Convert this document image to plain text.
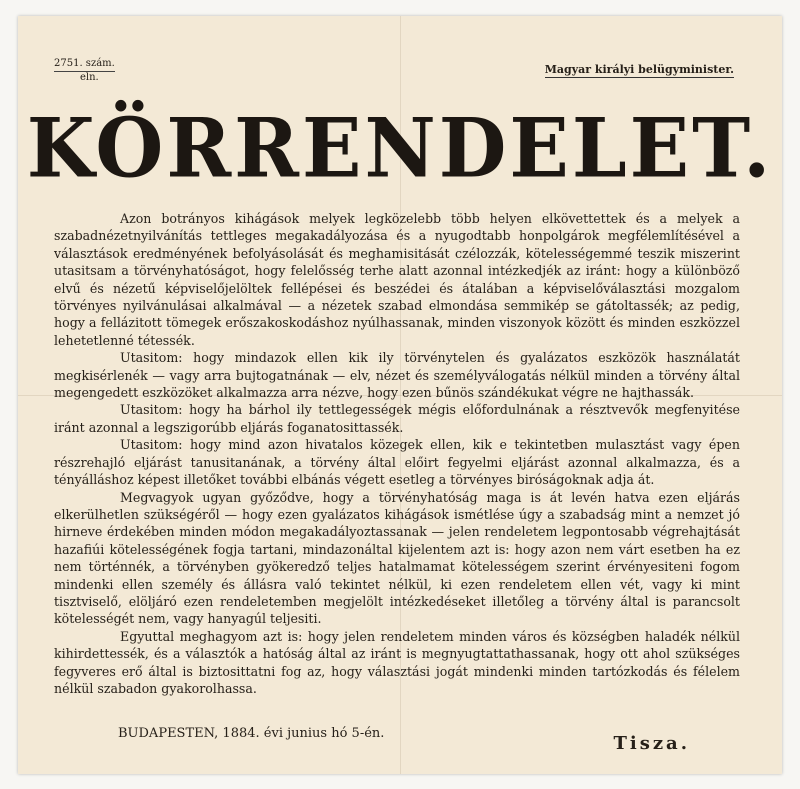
2751. szám.
eln.
Magyar királyi belügyminister.
KÖRRENDELET.

Azon botrányos kihágások melyek legközelebb több helyen elkövettettek és a melyek a szabadnézetnyilvánítás tettleges megakadályozása és a nyugodtabb honpolgárok megfélemlítésével a választások eredményének befolyásolását és meghamisitását czélozzák, kötelességemmé teszik miszerint utasitsam a törvényhatóságot, hogy felelősség terhe alatt azonnal intézkedjék az iránt: hogy a különböző elvű és nézetű képviselőjelöltek fellépései és beszédei és átalában a képviselőválasztási mozgalom törvényes nyilvánulásai alkalmával — a nézetek szabad elmondása semmikép se gátoltassék; az pedig, hogy a fellázitott tömegek erőszakoskodáshoz nyúlhassanak, minden viszonyok között és minden eszközzel lehetetlenné tétessék.

Utasitom: hogy mindazok ellen kik ily törvénytelen és gyalázatos eszközök használatát megkisérlenék — vagy arra bujtogatnának — elv, nézet és személyválogatás nélkül minden a törvény által megengedett eszközöket alkalmazza arra nézve, hogy ezen bűnös szándékukat végre ne hajthassák.

Utasitom: hogy ha bárhol ily tettlegességek mégis előfordulnának a résztvevők megfenyitése iránt azonnal a legszigorúbb eljárás foganatosittassék.

Utasitom: hogy mind azon hivatalos közegek ellen, kik e tekintetben mulasztást vagy épen részrehajló eljárást tanusitanának, a törvény által előirt fegyelmi eljárást azonnal alkalmazza, és a tényálláshoz képest illetőket további elbánás végett esetleg a törvényes biróságoknak adja át.

Megvagyok ugyan győződve, hogy a törvényhatóság maga is át levén hatva ezen eljárás elkerülhetlen szükségéről — hogy ezen gyalázatos kihágások ismétlése úgy a szabadság mint a nemzet jó hirneve érdekében minden módon megakadályoztassanak — jelen rendeletem legpontosabb végrehajtását hazafiúi kötelességének fogja tartani, mindazonáltal kijelentem azt is: hogy azon nem várt esetben ha ez nem történnék, a törvényben gyökeredző teljes hatalmamat kötelességem szerint érvényesiteni fogom mindenki ellen személy és állásra való tekintet nélkül, ki ezen rendeletem ellen vét, vagy ki mint tisztviselő, elöljáró ezen rendeletemben megjelölt intézkedéseket illetőleg a törvény által is parancsolt kötelességét nem, vagy hanyagúl teljesiti.

Egyuttal meghagyom azt is: hogy jelen rendeletem minden város és községben haladék nélkül kihirdettessék, és a választók a hatóság által az iránt is megnyugtattathassanak, hogy ott ahol szükséges fegyveres erő által is biztosittatni fog az, hogy választási jogát mindenki minden tartózkodás és félelem nélkül szabadon gyakorolhassa.

BUDAPESTEN, 1884. évi junius hó 5-én.	Tisza.
